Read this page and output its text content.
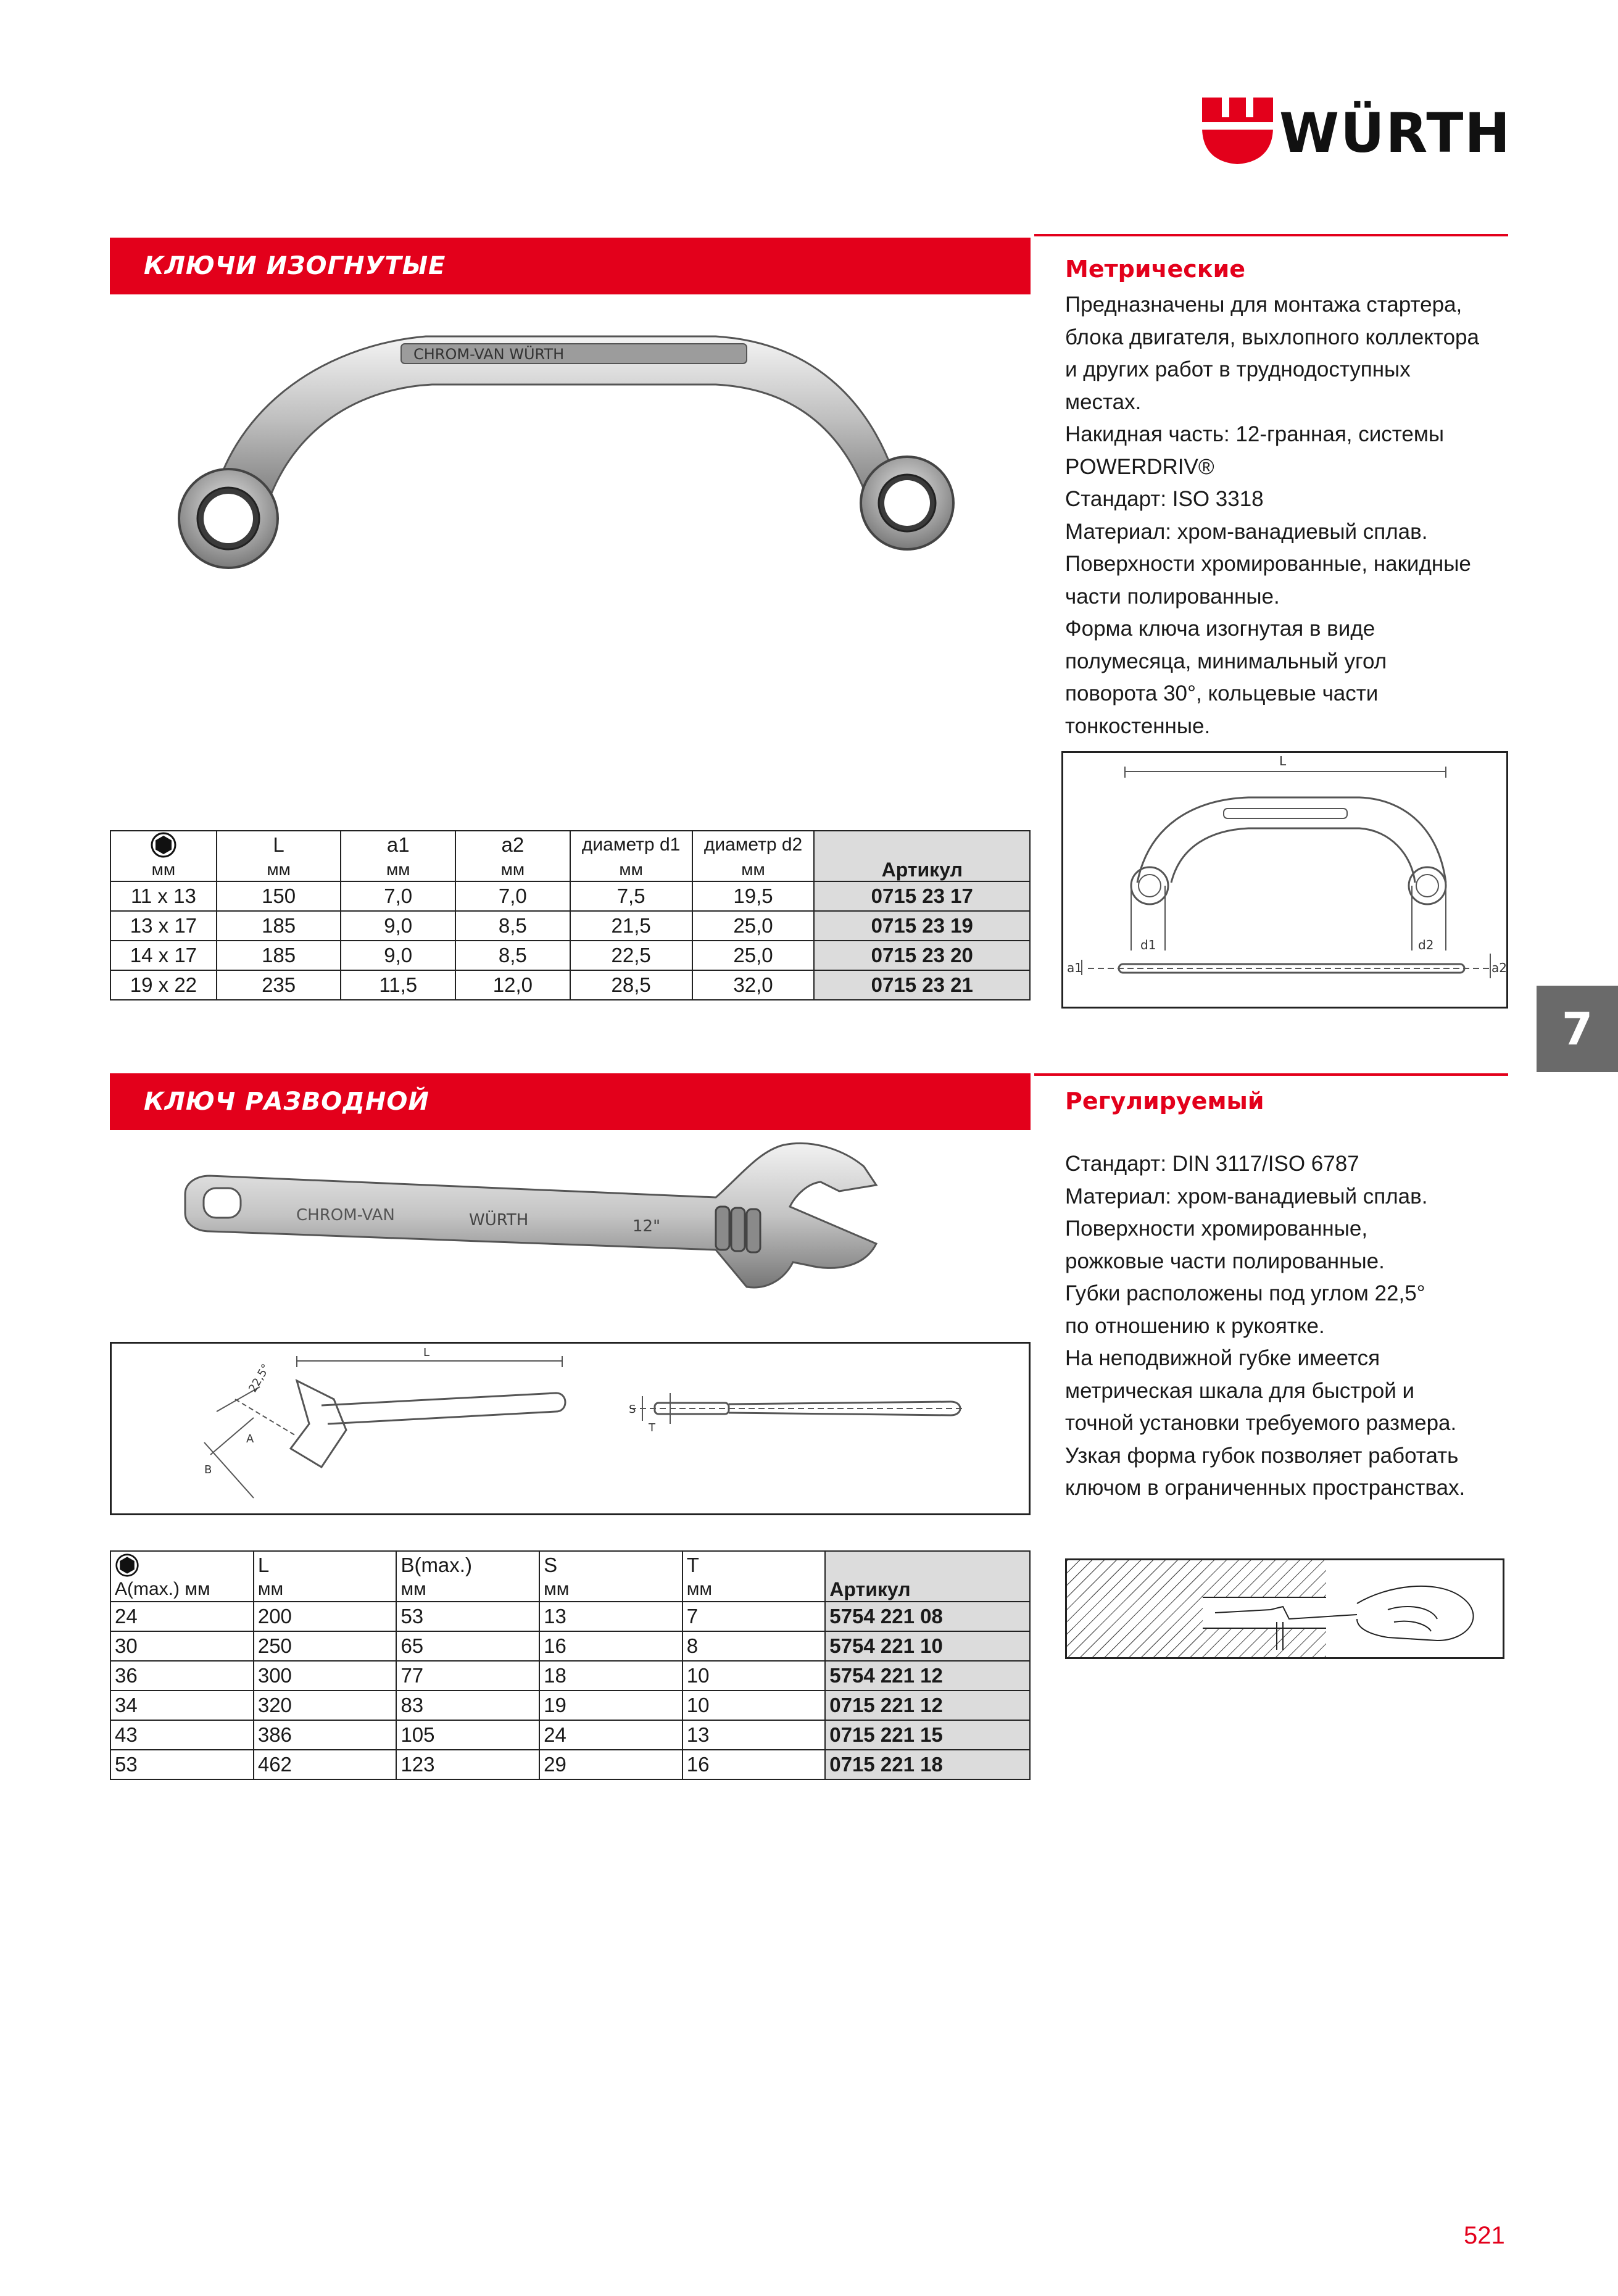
WÜRTH
КЛЮЧИ ИЗОГНУТЫЕ	Метрические

Предназначены для монтажа стартера,

блока двигателя, выхлопного коллектора

и других работ в труднодоступных

местах.

Накидная часть: 12-гранная, системы

POWERDRIV®

Стандарт: ISO 3318

Материал: хром-ванадиевый сплав.

Поверхности хромированные, накидные

части полированные.

Форма ключа изогнутая в виде

полумесяца, минимальный угол

поворота 30°, кольцевые части

тонкостенные.

CHROM-VAN WÜRTH
L
d1	d2
a1	a2
	L	a1	a2	диаметр d1	диаметр d2	
мм	мм	мм	мм	мм	мм	Артикул
11 x 13	150	7,0	7,0	7,5	19,5	0715 23 17
13 x 17	185	9,0	8,5	21,5	25,0	0715 23 19
14 x 17	185	9,0	8,5	22,5	25,0	0715 23 20
19 x 22	235	11,5	12,0	28,5	32,0	0715 23 21
7
КЛЮЧ РАЗВОДНОЙ	Регулируемый

Стандарт: DIN 3117/ISO 6787

Материал: хром-ванадиевый сплав.

Поверхности хромированные,

рожковые части полированные.

Губки расположены под углом 22,5°

по отношению к рукоятке.

На неподвижной губке имеется

метрическая шкала для быстрой и

точной установки требуемого размера.

Узкая форма губок позволяет работать

ключом в ограниченных пространствах.

CHROM-VAN	WÜRTH	12"
L
22,5°
A
B
S
T
	L	B(max.)	S	T	
A(max.) мм	мм	мм	мм	мм	Артикул
24	200	53	13	7	5754 221 08
30	250	65	16	8	5754 221 10
36	300	77	18	10	5754 221 12
34	320	83	19	10	0715 221 12
43	386	105	24	13	0715 221 15
53	462	123	29	16	0715 221 18
521
